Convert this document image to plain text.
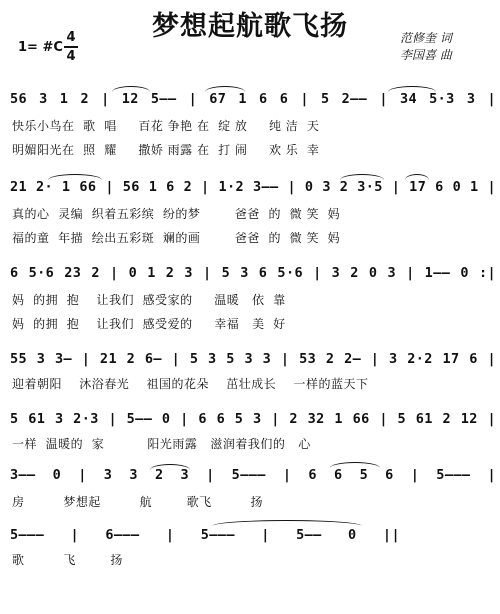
梦想起航歌飞扬
1= #C
4
4
范修奎 词
李国喜 曲
56 3 1 2 | 12 5—— | 67 1 6 6 | 5 2—— | 34 5·3 3 |
快乐小鸟在  歌  唱     百花 争艳 在  绽 放     纯 洁  天
明媚阳光在  照  耀     撒娇 雨露 在  打 闹     欢 乐  幸
21 2· 1 66 | 56 1 6 2 | 1·2 3—— | 0 3 2 3·5 | 17 6 0 1 |
真的心  灵编  织着五彩缤  纷的梦        爸爸  的  微 笑  妈
福的童  年描  绘出五彩斑  斓的画        爸爸  的  微 笑  妈
6 5·6 23 2 | 0 1 2 3 | 5 3 6 5·6 | 3 2 0 3 | 1—— 0 :|
妈  的拥  抱    让我们  感受家的     温暖   依  靠
妈  的拥  抱    让我们  感受爱的     幸福   美  好
55 3 3— | 21 2 6— | 5 3 5 3 3 | 53 2 2— | 3 2·2 17 6 |
迎着朝阳    沐浴春光    祖国的花朵    茁壮成长    一样的蓝天下
5 61 3 2·3 | 5—— 0 | 6 6 5 3 | 2 32 1 66 | 5 61 2 12 |
一样  温暖的  家          阳光雨露   滋润着我们的   心
3—— 0 | 3 3 2 3 | 5——— | 6 6 5 6 | 5——— |
房         梦想起         航        歌飞         扬
5——— | 6——— | 5——— | 5—— 0 ||
歌         飞        扬
